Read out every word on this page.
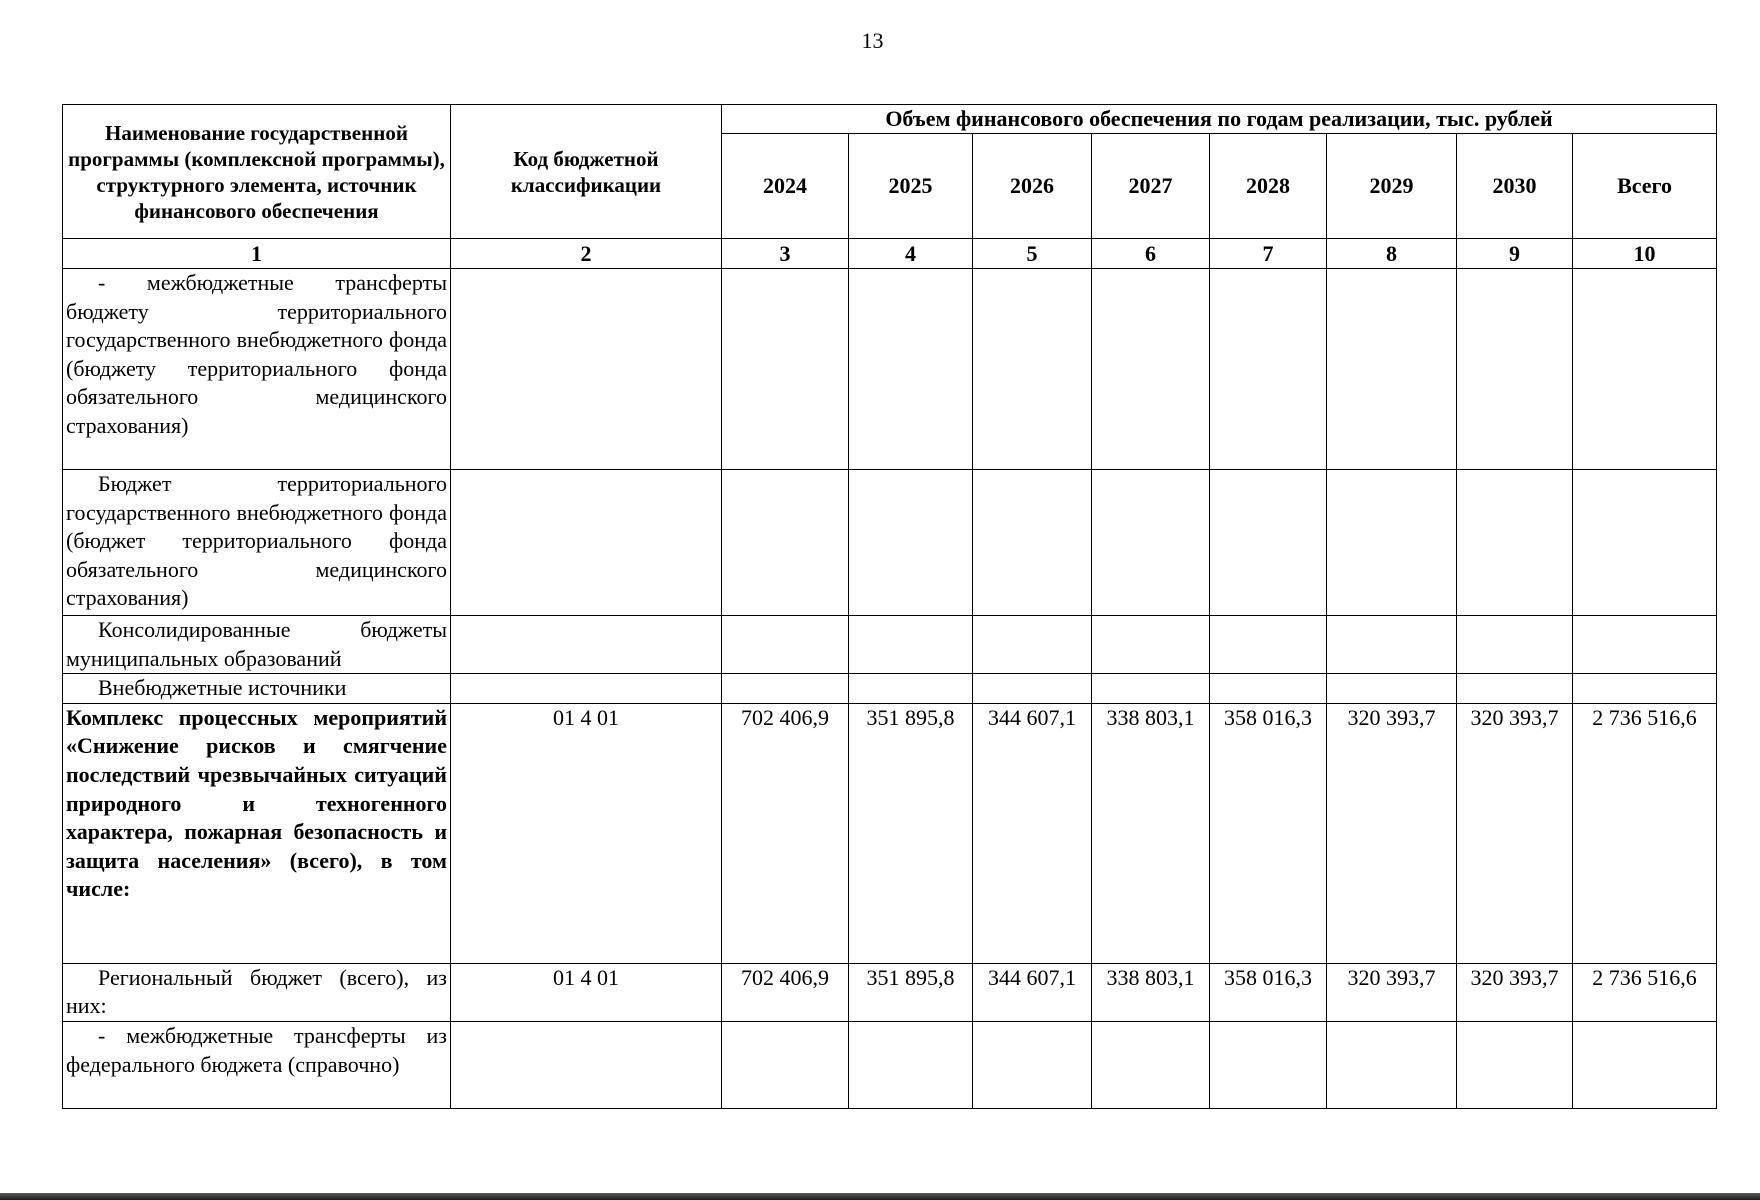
13
Наименование государственной программы (комплексной программы), структурного элемента, источник финансового обеспечения	Код бюджетной классификации	Объем финансового обеспечения по годам реализации, тыс. рублей							
		2024	2025	2026	2027	2028	2029	2030	Всего
1	2	3	4	5	6	7	8	9	10
- межбюджетные трансферты бюджету территориального государственного внебюджетного фонда (бюджету территориального фонда обязательного медицинского страхования)									
Бюджет территориального государственного внебюджетного фонда (бюджет территориального фонда обязательного медицинского страхования)									
Консолидированные бюджеты муниципальных образований									
Внебюджетные источники									
Комплекс процессных мероприятий «Снижение рисков и смягчение последствий чрезвычайных ситуаций природного и техногенного характера, пожарная безопасность и защита населения» (всего), в том числе:	01 4 01	702 406,9	351 895,8	344 607,1	338 803,1	358 016,3	320 393,7	320 393,7	2 736 516,6
Региональный бюджет (всего), из них:	01 4 01	702 406,9	351 895,8	344 607,1	338 803,1	358 016,3	320 393,7	320 393,7	2 736 516,6
- межбюджетные трансферты из федерального бюджета (справочно)									
